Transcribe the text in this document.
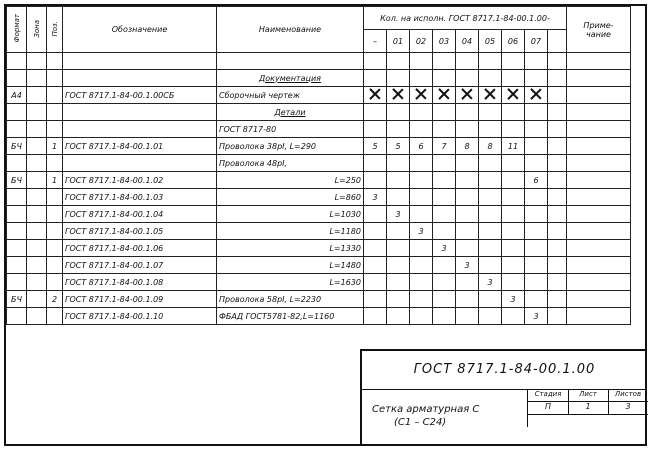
Формат	Зона	Поз.	Обозначение	Наименование	Кол. на исполн. ГОСТ 8717.1-84-00.1.00-									Приме-
чание
					–	01	02	03	04	05	06	07		

				Документация										
А4			ГОСТ 8717.1-84-00.1.00СБ	Сборочный чертеж										
				Детали										
				ГОСТ 8717-80										
БЧ		1	ГОСТ 8717.1-84-00.1.01	Проволока 38рI, L=290	5	5	6	7	8	8	11			
				Проволока 48рI,										
БЧ		1	ГОСТ 8717.1-84-00.1.02	L=250								6		
			ГОСТ 8717.1-84-00.1.03	L=860	3									
			ГОСТ 8717.1-84-00.1.04	L=1030		3								
			ГОСТ 8717.1-84-00.1.05	L=1180			3							
			ГОСТ 8717.1-84-00.1.06	L=1330				3						
			ГОСТ 8717.1-84-00.1.07	L=1480					3					
			ГОСТ 8717.1-84-00.1.08	L=1630						3				
БЧ		2	ГОСТ 8717.1-84-00.1.09	Проволока 58рI, L=2230							3			
			ГОСТ 8717.1-84-00.1.10	ФБАД ГОСТ5781-82,L=1160								3		
ГОСТ 8717.1-84-00.1.00
Сетка арматурная С
(С1 – С24)
Стадия	Лист	Листов
П	1	3
